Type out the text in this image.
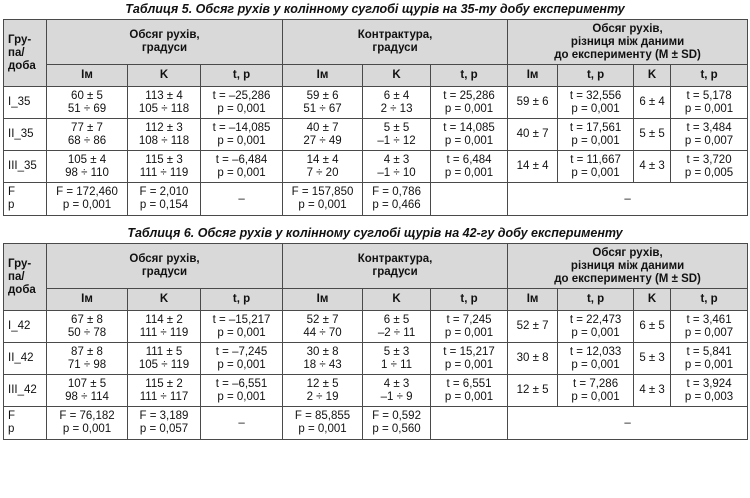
Таблиця 5. Обсяг рухів у колінному суглобі щурів на 35-ту добу експерименту
Гру-
па/
доба	Обсяг рухів,
градуси			Контрактура,
градуси			Обсяг рухів,
різниця між даними
до експерименту (M ± SD)			

	Iм	K	t, p	Iм	K	t, p	Iм	t, p	K	t, p
I_35	60 ± 5
51 ÷ 69	113 ± 4
105 ÷ 118	t = –25,286
p = 0,001	59 ± 6
51 ÷ 67	6 ± 4
2 ÷ 13	t = 25,286
p = 0,001	59 ± 6	t = 32,556
p = 0,001	6 ± 4	t = 5,178
p = 0,001

II_35	77 ± 7
68 ÷ 86	112 ± 3
108 ÷ 118	t = –14,085
p = 0,001	40 ± 7
27 ÷ 49	5 ± 5
–1 ÷ 12	t = 14,085
p = 0,001	40 ± 7	t = 17,561
p = 0,001	5 ± 5	t = 3,484
p = 0,007

III_35	105 ± 4
98 ÷ 110	115 ± 3
111 ÷ 119	t = –6,484
p = 0,001	14 ± 4
7 ÷ 20	4 ± 3
–1 ÷ 10	t = 6,484
p = 0,001	14 ± 4	t = 11,667
p = 0,001	4 ± 3	t = 3,720
p = 0,005

F
p	F = 172,460
p = 0,001	F = 2,010
p = 0,154	–	F = 157,850
p = 0,001	F = 0,786
p = 0,466		–			
Таблиця 6. Обсяг рухів у колінному суглобі щурів на 42-гу добу експерименту
Гру-
па/
доба	Обсяг рухів,
градуси			Контрактура,
градуси			Обсяг рухів,
різниця між даними
до експерименту (M ± SD)			

	Iм	K	t, p	Iм	K	t, p	Iм	t, p	K	t, p
I_42	67 ± 8
50 ÷ 78	114 ± 2
111 ÷ 119	t = –15,217
p = 0,001	52 ± 7
44 ÷ 70	6 ± 5
–2 ÷ 11	t = 7,245
p = 0,001	52 ± 7	t = 22,473
p = 0,001	6 ± 5	t = 3,461
p = 0,007

II_42	87 ± 8
71 ÷ 98	111 ± 5
105 ÷ 119	t = –7,245
p = 0,001	30 ± 8
18 ÷ 43	5 ± 3
1 ÷ 11	t = 15,217
p = 0,001	30 ± 8	t = 12,033
p = 0,001	5 ± 3	t = 5,841
p = 0,001

III_42	107 ± 5
98 ÷ 114	115 ± 2
111 ÷ 117	t = –6,551
p = 0,001	12 ± 5
2 ÷ 19	4 ± 3
–1 ÷ 9	t = 6,551
p = 0,001	12 ± 5	t = 7,286
p = 0,001	4 ± 3	t = 3,924
p = 0,003

F
p	F = 76,182
p = 0,001	F = 3,189
p = 0,057	–	F = 85,855
p = 0,001	F = 0,592
p = 0,560		–			
